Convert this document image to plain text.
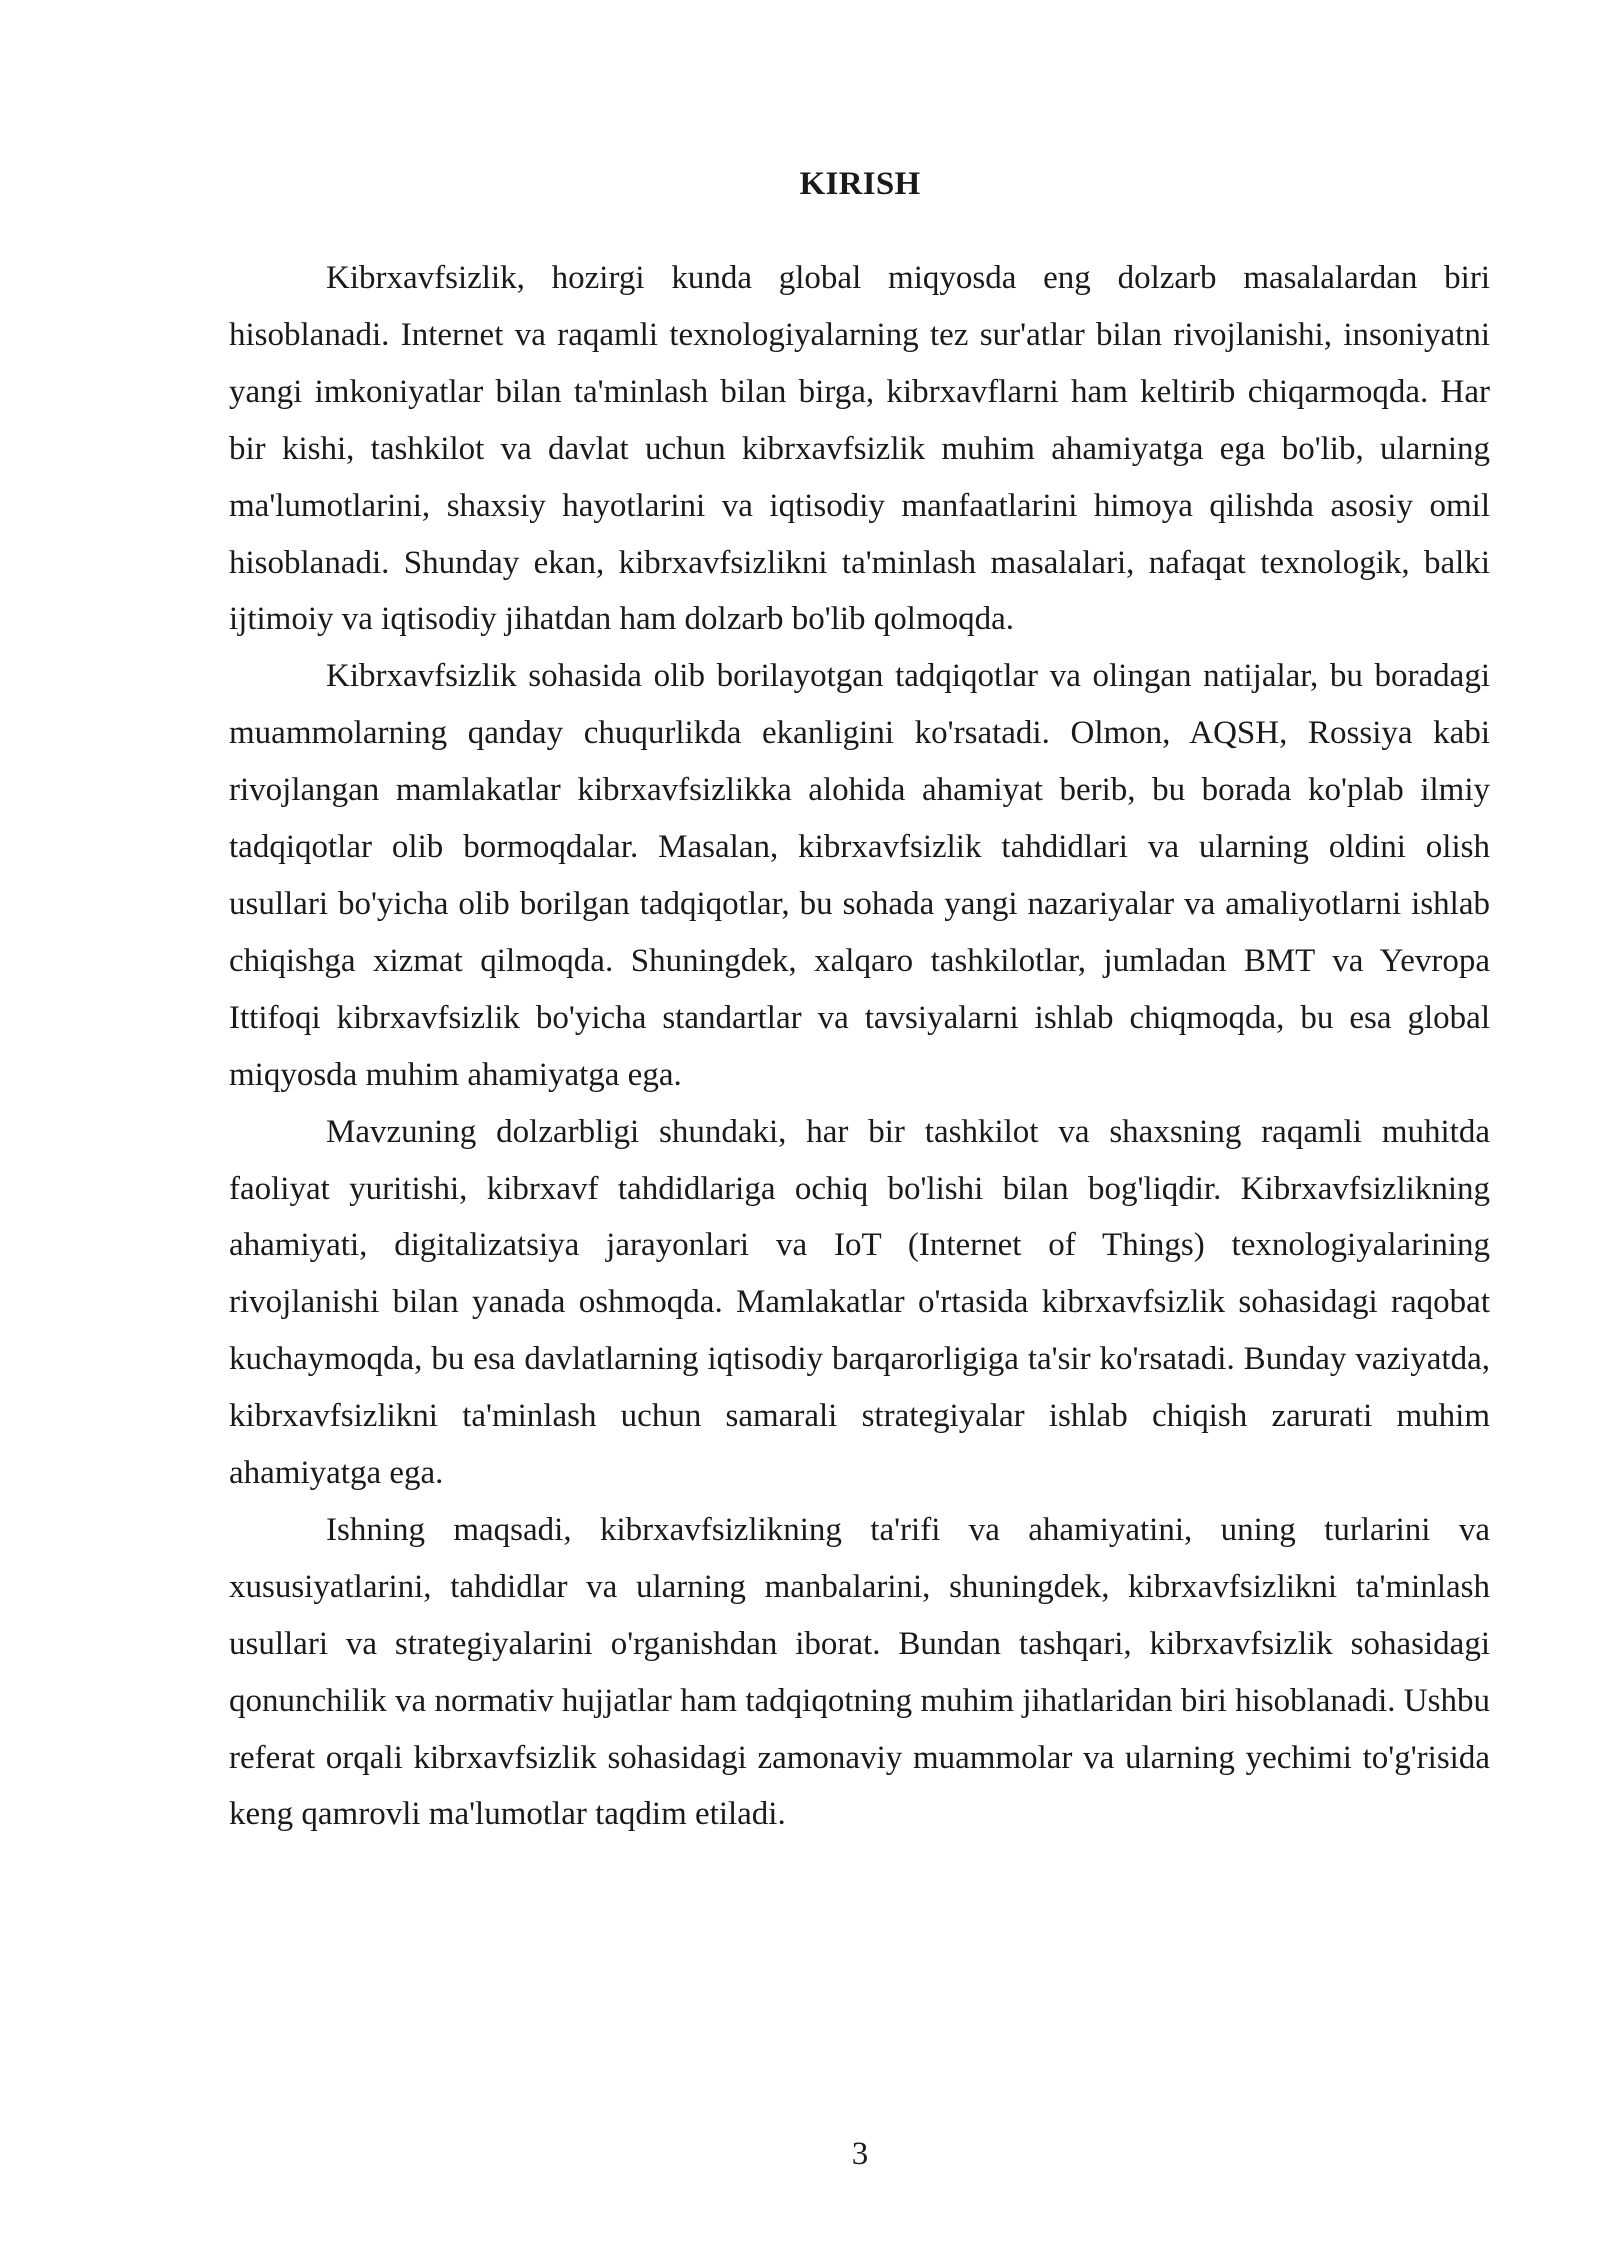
KIRISH

Kibrxavfsizlik, hozirgi kunda global miqyosda eng dolzarb masalalardan biri hisoblanadi. Internet va raqamli texnologiyalarning tez sur'atlar bilan rivojlanishi, insoniyatni yangi imkoniyatlar bilan ta'minlash bilan birga, kibrxavflarni ham keltirib chiqarmoqda. Har bir kishi, tashkilot va davlat uchun kibrxavfsizlik muhim ahamiyatga ega bo'lib, ularning ma'lumotlarini, shaxsiy hayotlarini va iqtisodiy manfaatlarini himoya qilishda asosiy omil hisoblanadi. Shunday ekan, kibrxavfsizlikni ta'minlash masalalari, nafaqat texnologik, balki ijtimoiy va iqtisodiy jihatdan ham dolzarb bo'lib qolmoqda.

Kibrxavfsizlik sohasida olib borilayotgan tadqiqotlar va olingan natijalar, bu boradagi muammolarning qanday chuqurlikda ekanligini ko'rsatadi. Olmon, AQSH, Rossiya kabi rivojlangan mamlakatlar kibrxavfsizlikka alohida ahamiyat berib, bu borada ko'plab ilmiy tadqiqotlar olib bormoqdalar. Masalan, kibrxavfsizlik tahdidlari va ularning oldini olish usullari bo'yicha olib borilgan tadqiqotlar, bu sohada yangi nazariyalar va amaliyotlarni ishlab chiqishga xizmat qilmoqda. Shuningdek, xalqaro tashkilotlar, jumladan BMT va Yevropa Ittifoqi kibrxavfsizlik bo'yicha standartlar va tavsiyalarni ishlab chiqmoqda, bu esa global miqyosda muhim ahamiyatga ega.

Mavzuning dolzarbligi shundaki, har bir tashkilot va shaxsning raqamli muhitda faoliyat yuritishi, kibrxavf tahdidlariga ochiq bo'lishi bilan bog'liqdir. Kibrxavfsizlikning ahamiyati, digitalizatsiya jarayonlari va IoT (Internet of Things) texnologiyalarining rivojlanishi bilan yanada oshmoqda. Mamlakatlar o'rtasida kibrxavfsizlik sohasidagi raqobat kuchaymoqda, bu esa davlatlarning iqtisodiy barqarorligiga ta'sir ko'rsatadi. Bunday vaziyatda, kibrxavfsizlikni ta'minlash uchun samarali strategiyalar ishlab chiqish zarurati muhim ahamiyatga ega.

Ishning maqsadi, kibrxavfsizlikning ta'rifi va ahamiyatini, uning turlarini va xususiyatlarini, tahdidlar va ularning manbalarini, shuningdek, kibrxavfsizlikni ta'minlash usullari va strategiyalarini o'rganishdan iborat. Bundan tashqari, kibrxavfsizlik sohasidagi qonunchilik va normativ hujjatlar ham tadqiqotning muhim jihatlaridan biri hisoblanadi. Ushbu referat orqali kibrxavfsizlik sohasidagi zamonaviy muammolar va ularning yechimi to'g'risida keng qamrovli ma'lumotlar taqdim etiladi.

3
